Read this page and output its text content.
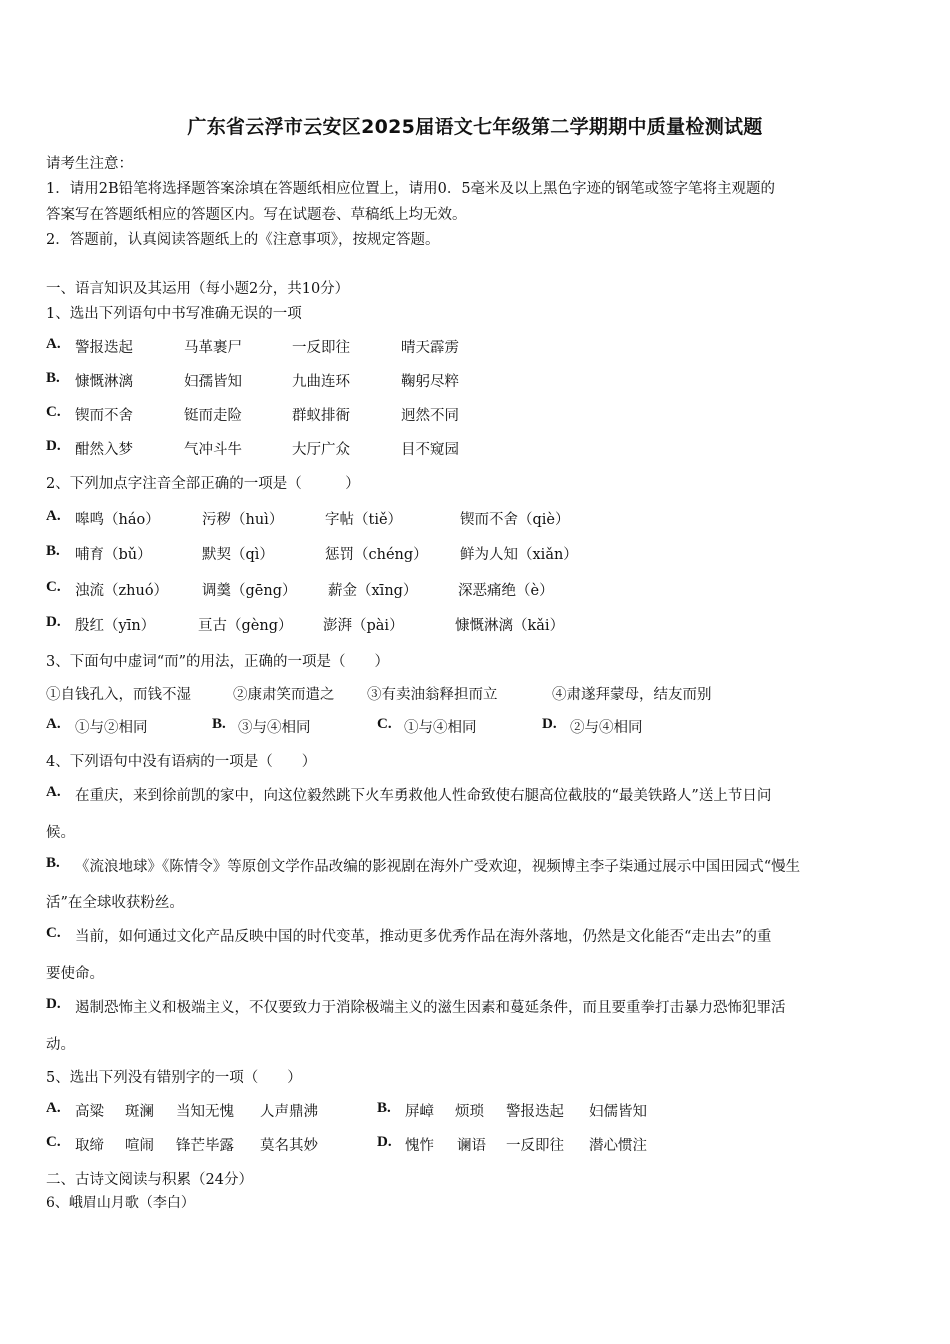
广东省云浮市云安区2025届语文七年级第二学期期中质量检测试题
请考生注意：
1．请用2B铅笔将选择题答案涂填在答题纸相应位置上，请用0．5毫米及以上黑色字迹的钢笔或签字笔将主观题的
答案写在答题纸相应的答题区内。写在试题卷、草稿纸上均无效。
2．答题前，认真阅读答题纸上的《注意事项》，按规定答题。
一、语言知识及其运用（每小题2分，共10分）
1、选出下列语句中书写准确无误的一项
A. 警报迭起	马革裹尸	一反即往	晴天霹雳
B. 慷慨淋漓	妇孺皆知	九曲连环	鞠躬尽粹
C. 锲而不舍	铤而走险	群蚁排衙	迥然不同
D. 酣然入梦	气冲斗牛	大厅广众	目不窥园
2、下列加点字注音全部正确的一项是（　　　）
A. 嗥鸣（háo）	污秽（huì）	字帖（tiě）	锲而不舍（qiè）
B. 哺育（bǔ）	默契（qì）	惩罚（chéng） 鲜为人知（xiǎn）
C. 浊流（zhuó） 调羹（gēng） 薪金（xīng）	深恶痛绝（è）
D. 殷红（yīn）	亘古（gèng） 澎湃（pài）	慷慨淋漓（kǎi）
3、下面句中虚词“而”的用法，正确的一项是（　　）
①自钱孔入，而钱不湿	②康肃笑而遣之 ③有卖油翁释担而立	④肃遂拜蒙母，结友而别
A. ①与②相同	B. ③与④相同	C. ①与④相同	D. ②与④相同
4、下列语句中没有语病的一项是（　　）
A. 在重庆，来到徐前凯的家中，向这位毅然跳下火车勇救他人性命致使右腿高位截肢的“最美铁路人”送上节日问
候。
B. 《流浪地球》《陈情令》等原创文学作品改编的影视剧在海外广受欢迎，视频博主李子柒通过展示中国田园式“慢生
活”在全球收获粉丝。
C. 当前，如何通过文化产品反映中国的时代变革，推动更多优秀作品在海外落地，仍然是文化能否“走出去”的重
要使命。
D. 遏制恐怖主义和极端主义，不仅要致力于消除极端主义的滋生因素和蔓延条件，而且要重拳打击暴力恐怖犯罪活
动。
5、选出下列没有错别字的一项（　　）
A. 高粱 斑澜 当知无愧 人声鼎沸	B. 屏嶂 烦琐 警报迭起 妇儒皆知
C. 取缔 喧闹 锋芒毕露 莫名其妙	D. 愧怍 谰语 一反即往 潜心惯注
二、古诗文阅读与积累（24分）
6、峨眉山月歌（李白）
